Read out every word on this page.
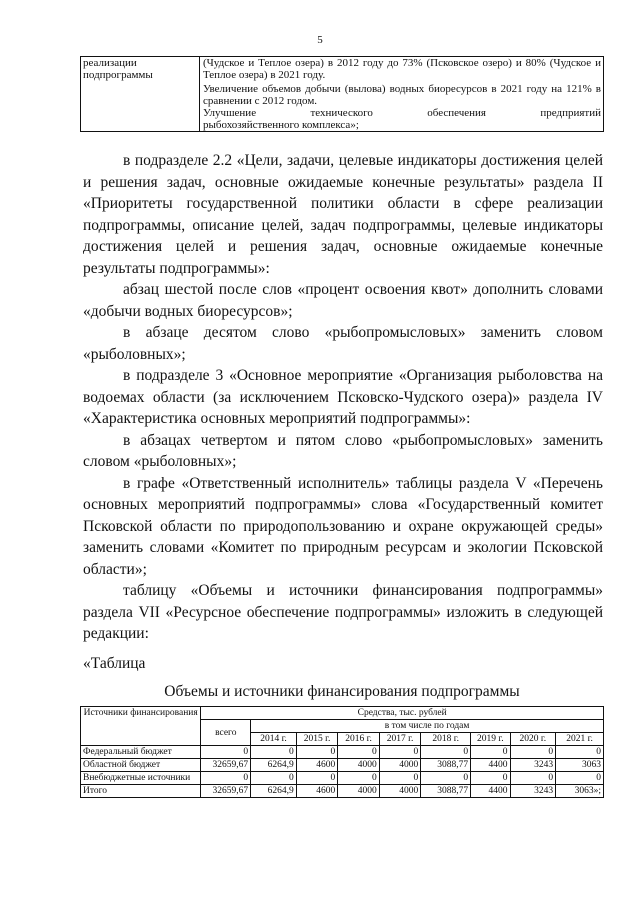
5
реализации подпрограммы	

(Чудское и Теплое озера) в 2012 году до 73% (Псковское озеро) и 80% (Чудское и Теплое озера) в 2021 году.

Увеличение объемов добычи (вылова) водных биоресурсов в 2021 году на 121% в сравнении с 2012 годом.

Улучшение	технического	обеспечения	предприятий

рыбохозяйственного комплекса»;

в подразделе 2.2 «Цели, задачи, целевые индикаторы достижения целей и решения задач, основные ожидаемые конечные результаты» раздела II «Приоритеты государственной политики области в сфере реализации подпрограммы, описание целей, задач подпрограммы, целевые индикаторы достижения целей и решения задач, основные ожидаемые конечные результаты подпрограммы»:

абзац шестой после слов «процент освоения квот» дополнить словами «добычи водных биоресурсов»;

в абзаце десятом слово «рыбопромысловых» заменить словом «рыболовных»;

в подразделе 3 «Основное мероприятие «Организация рыболовства на водоемах области (за исключением Псковско-Чудского озера)» раздела IV «Характеристика основных мероприятий подпрограммы»:

в абзацах четвертом и пятом слово «рыбопромысловых» заменить словом «рыболовных»;

в графе «Ответственный исполнитель» таблицы раздела V «Перечень основных мероприятий подпрограммы» слова «Государственный комитет Псковской области по природопользованию и охране окружающей среды» заменить словами «Комитет по природным ресурсам и экологии Псковской области»;

таблицу «Объемы и источники финансирования подпрограммы» раздела VII «Ресурсное обеспечение подпрограммы» изложить в следующей редакции:

«Таблица

Объемы и источники финансирования подпрограммы
Источники финансирования	Средства, тыс. рублей								
	всего	в том числе по годам							
		2014 г.	2015 г.	2016 г.	2017 г.	2018 г.	2019 г.	2020 г.	2021 г.
Федеральный бюджет	0	0	0	0	0	0	0	0	0
Областной бюджет	32659,67	6264,9	4600	4000	4000	3088,77	4400	3243	3063
Внебюджетные источники	0	0	0	0	0	0	0	0	0
Итого	32659,67	6264,9	4600	4000	4000	3088,77	4400	3243	3063»;
